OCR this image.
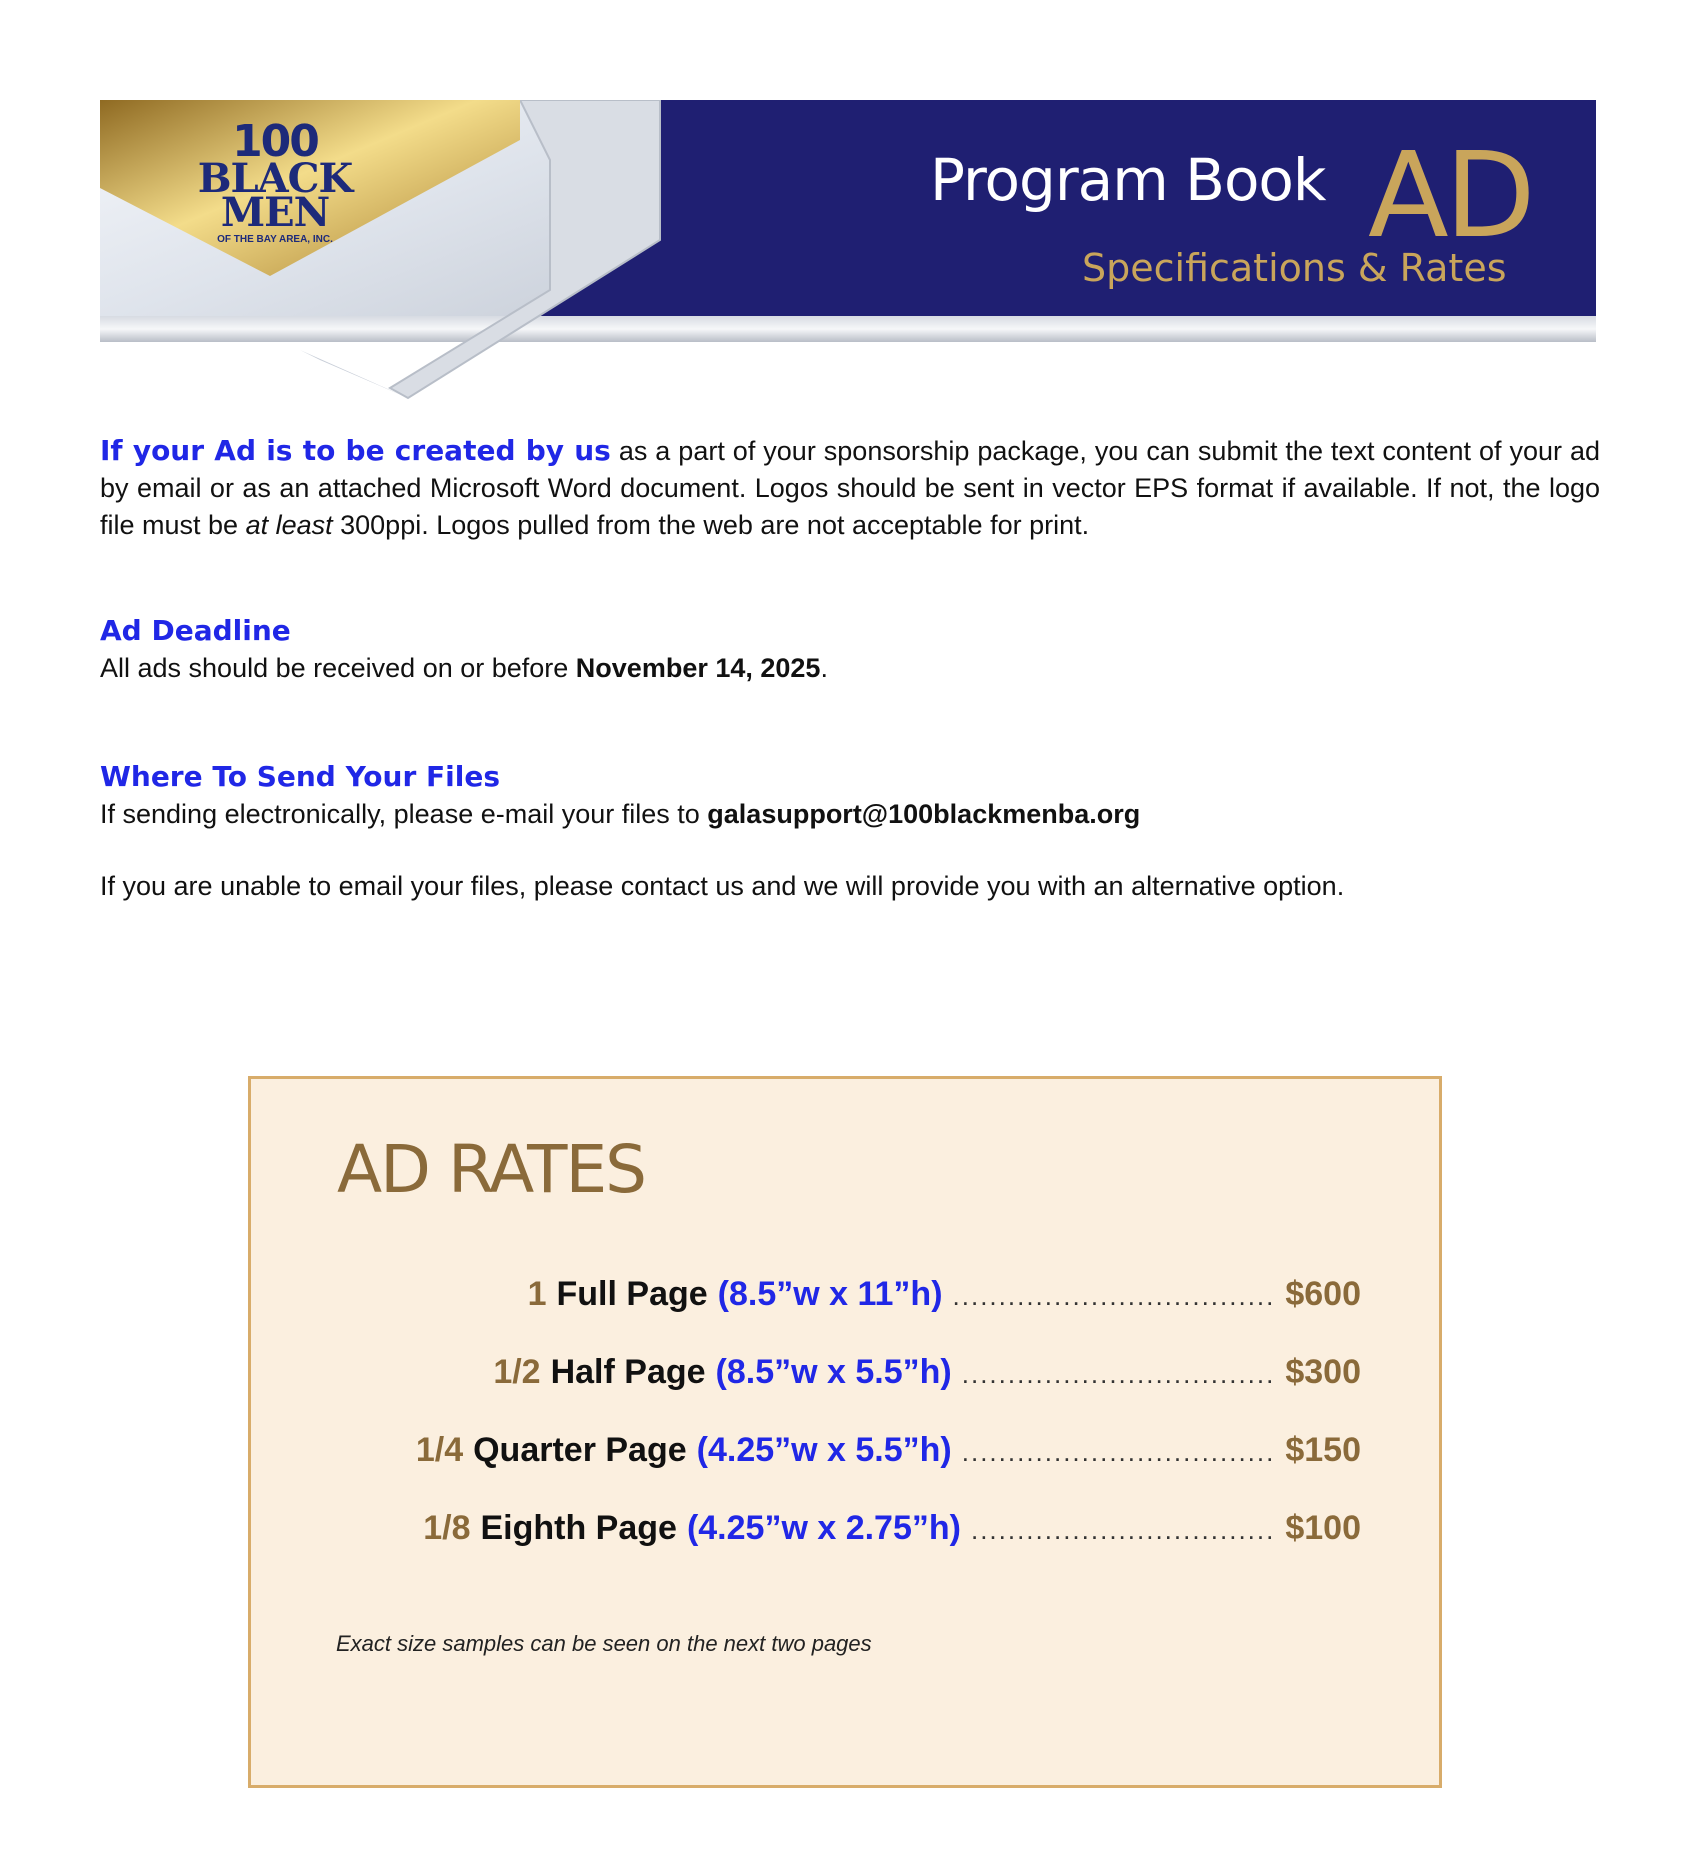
100
BLACK
MEN
OF THE BAY AREA, INC.
Program Book AD
Specifications & Rates

If your Ad is to be created by us as a part of your sponsorship package, you can submit the text content of your ad by email or as an attached Microsoft Word document. Logos should be sent in vector EPS format if available. If not, the logo file must be at least 300ppi. Logos pulled from the web are not acceptable for print.

Ad Deadline

All ads should be received on or before November 14, 2025.

Where To Send Your Files

If sending electronically, please e-mail your files to galasupport@100blackmenba.org

If you are unable to email your files, please contact us and we will provide you with an alternative option.

AD RATES
1 Full Page (8.5”w x 11”h) ................................... $600
1/2 Half Page (8.5”w x 5.5”h) .................................. $300
1/4 Quarter Page (4.25”w x 5.5”h) .................................. $150
1/8 Eighth Page (4.25”w x 2.75”h) ................................. $100
Exact size samples can be seen on the next two pages
